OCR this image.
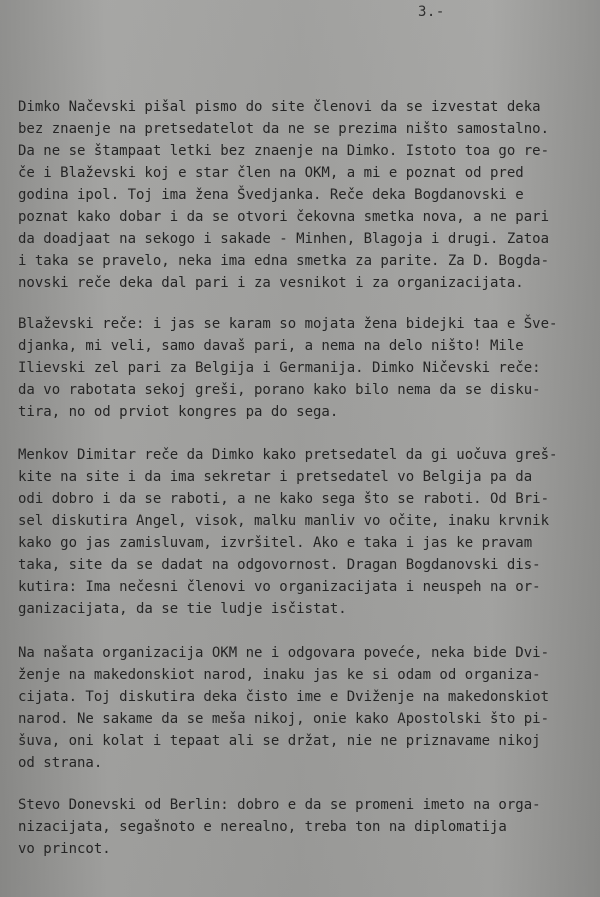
3.-
Dimko Načevski pišal pismo do site členovi da se izvestat deka
bez znaenje na pretsedatelot da ne se prezima ništo samostalno.
Da ne se štampaat letki bez znaenje na Dimko. Istoto toa go re-
če i Blaževski koj e star člen na OKM, a mi e poznat od pred
godina ipol. Toj ima žena Švedjanka. Reče deka Bogdanovski e
poznat kako dobar i da se otvori čekovna smetka nova, a ne pari
da doadjaat na sekogo i sakade - Minhen, Blagoja i drugi. Zatoa
i taka se pravelo, neka ima edna smetka za parite. Za D. Bogda-
novski reče deka dal pari i za vesnikot i za organizacijata.
Blaževski reče: i jas se karam so mojata žena bidejki taa e Šve-
djanka, mi veli, samo davaš pari, a nema na delo ništo! Mile
Ilievski zel pari za Belgija i Germanija. Dimko Ničevski reče:
da vo rabotata sekoj greši, porano kako bilo nema da se disku-
tira, no od prviot kongres pa do sega.
Menkov Dimitar reče da Dimko kako pretsedatel da gi uočuva greš-
kite na site i da ima sekretar i pretsedatel vo Belgija pa da
odi dobro i da se raboti, a ne kako sega što se raboti. Od Bri-
sel diskutira Angel, visok, malku manliv vo očite, inaku krvnik
kako go jas zamisluvam, izvršitel. Ako e taka i jas ke pravam
taka, site da se dadat na odgovornost. Dragan Bogdanovski dis-
kutira: Ima nečesni členovi vo organizacijata i neuspeh na or-
ganizacijata, da se tie ludje isčistat.
Na našata organizacija OKM ne i odgovara poveće, neka bide Dvi-
ženje na makedonskiot narod, inaku jas ke si odam od organiza-
cijata. Toj diskutira deka čisto ime e Dviženje na makedonskiot
narod. Ne sakame da se meša nikoj, onie kako Apostolski što pi-
šuva, oni kolat i tepaat ali se držat, nie ne priznavame nikoj
od strana.
Stevo Donevski od Berlin: dobro e da se promeni imeto na orga-
nizacijata, segašnoto e nerealno, treba ton na diplomatija
vo princot.
